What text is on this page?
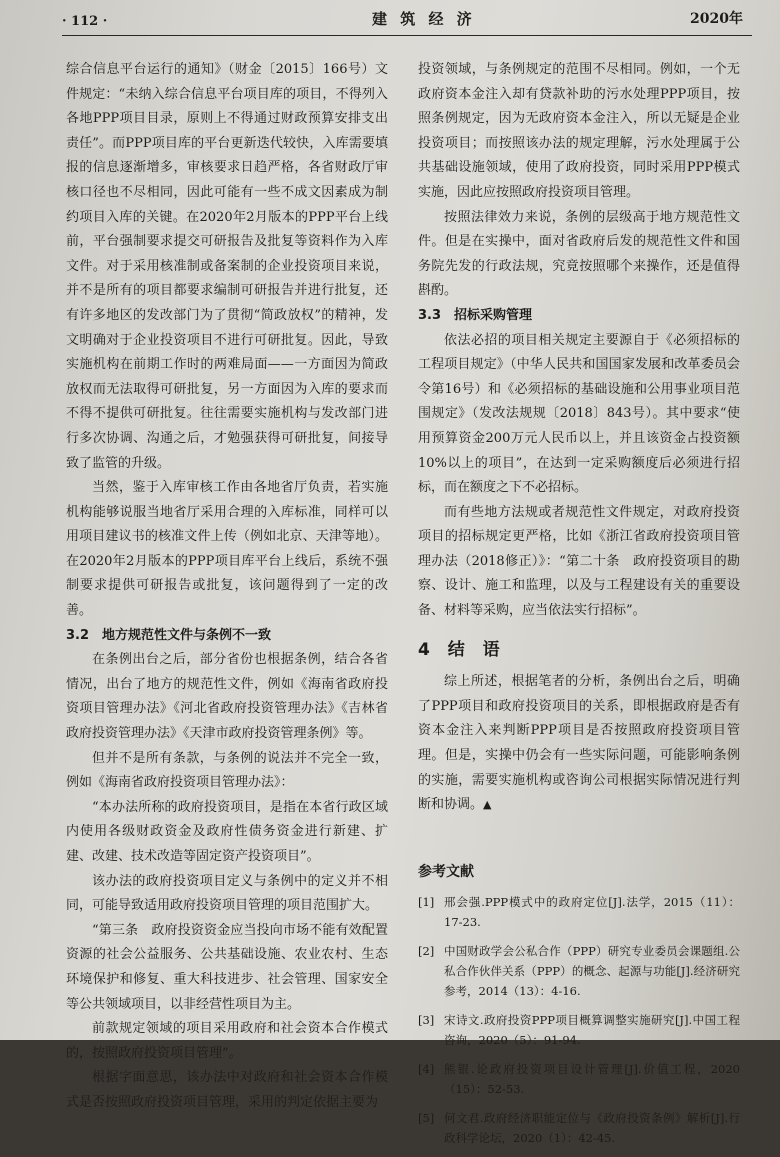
· 112 ·	建 筑 经 济	2020年

综合信息平台运行的通知》（财金〔2015〕166号）文件规定：“未纳入综合信息平台项目库的项目，不得列入各地PPP项目目录，原则上不得通过财政预算安排支出责任”。而PPP项目库的平台更新迭代较快，入库需要填报的信息逐渐增多，审核要求日趋严格，各省财政厅审核口径也不尽相同，因此可能有一些不成文因素成为制约项目入库的关键。在2020年2月版本的PPP平台上线前，平台强制要求提交可研报告及批复等资料作为入库文件。对于采用核准制或备案制的企业投资项目来说，并不是所有的项目都要求编制可研报告并进行批复，还有许多地区的发改部门为了贯彻“简政放权”的精神，发文明确对于企业投资项目不进行可研批复。因此，导致实施机构在前期工作时的两难局面——一方面因为简政放权而无法取得可研批复，另一方面因为入库的要求而不得不提供可研批复。往往需要实施机构与发改部门进行多次协调、沟通之后，才勉强获得可研批复，间接导致了监管的升级。

当然，鉴于入库审核工作由各地省厅负责，若实施机构能够说服当地省厅采用合理的入库标准，同样可以用项目建议书的核准文件上传（例如北京、天津等地）。在2020年2月版本的PPP项目库平台上线后，系统不强制要求提供可研报告或批复，该问题得到了一定的改善。

3.2　地方规范性文件与条例不一致

在条例出台之后，部分省份也根据条例，结合各省情况，出台了地方的规范性文件，例如《海南省政府投资项目管理办法》《河北省政府投资管理办法》《吉林省政府投资管理办法》《天津市政府投资管理条例》等。

但并不是所有条款，与条例的说法并不完全一致，例如《海南省政府投资项目管理办法》：

“本办法所称的政府投资项目，是指在本省行政区域内使用各级财政资金及政府性债务资金进行新建、扩建、改建、技术改造等固定资产投资项目”。

该办法的政府投资项目定义与条例中的定义并不相同，可能导致适用政府投资项目管理的项目范围扩大。

“第三条　政府投资资金应当投向市场不能有效配置资源的社会公益服务、公共基础设施、农业农村、生态环境保护和修复、重大科技进步、社会管理、国家安全等公共领域项目，以非经营性项目为主。

前款规定领域的项目采用政府和社会资本合作模式的，按照政府投资项目管理”。

根据字面意思，该办法中对政府和社会资本合作模式是否按照政府投资项目管理，采用的判定依据主要为

投资领域，与条例规定的范围不尽相同。例如，一个无政府资本金注入却有贷款补助的污水处理PPP项目，按照条例规定，因为无政府资本金注入，所以无疑是企业投资项目；而按照该办法的规定理解，污水处理属于公共基础设施领域，使用了政府投资，同时采用PPP模式实施，因此应按照政府投资项目管理。

按照法律效力来说，条例的层级高于地方规范性文件。但是在实操中，面对省政府后发的规范性文件和国务院先发的行政法规，究竟按照哪个来操作，还是值得斟酌。

3.3　招标采购管理

依法必招的项目相关规定主要源自于《必须招标的工程项目规定》（中华人民共和国国家发展和改革委员会令第16号）和《必须招标的基础设施和公用事业项目范围规定》（发改法规规〔2018〕843号）。其中要求“使用预算资金200万元人民币以上，并且该资金占投资额10%以上的项目”，在达到一定采购额度后必须进行招标，而在额度之下不必招标。

而有些地方法规或者规范性文件规定，对政府投资项目的招标规定更严格，比如《浙江省政府投资项目管理办法（2018修正）》：“第二十条　政府投资项目的勘察、设计、施工和监理，以及与工程建设有关的重要设备、材料等采购，应当依法实行招标”。

4 结 语

综上所述，根据笔者的分析，条例出台之后，明确了PPP项目和政府投资项目的关系，即根据政府是否有资本金注入来判断PPP项目是否按照政府投资项目管理。但是，实操中仍会有一些实际问题，可能影响条例的实施，需要实施机构或咨询公司根据实际情况进行判断和协调。▲

参考文献

[1] 邢会强.PPP模式中的政府定位[J].法学，2015（11）：17-23.
[2] 中国财政学会公私合作（PPP）研究专业委员会课题组.公私合作伙伴关系（PPP）的概念、起源与功能[J].经济研究参考，2014（13）：4-16.
[3] 宋诗文.政府投资PPP项目概算调整实施研究[J].中国工程咨询，2020（5）：91-94.
[4] 熊银.论政府投资项目设计管理[J].价值工程，2020（15）：52-53.
[5] 何文君.政府经济职能定位与《政府投资条例》解析[J].行政科学论坛，2020（1）：42-45.
